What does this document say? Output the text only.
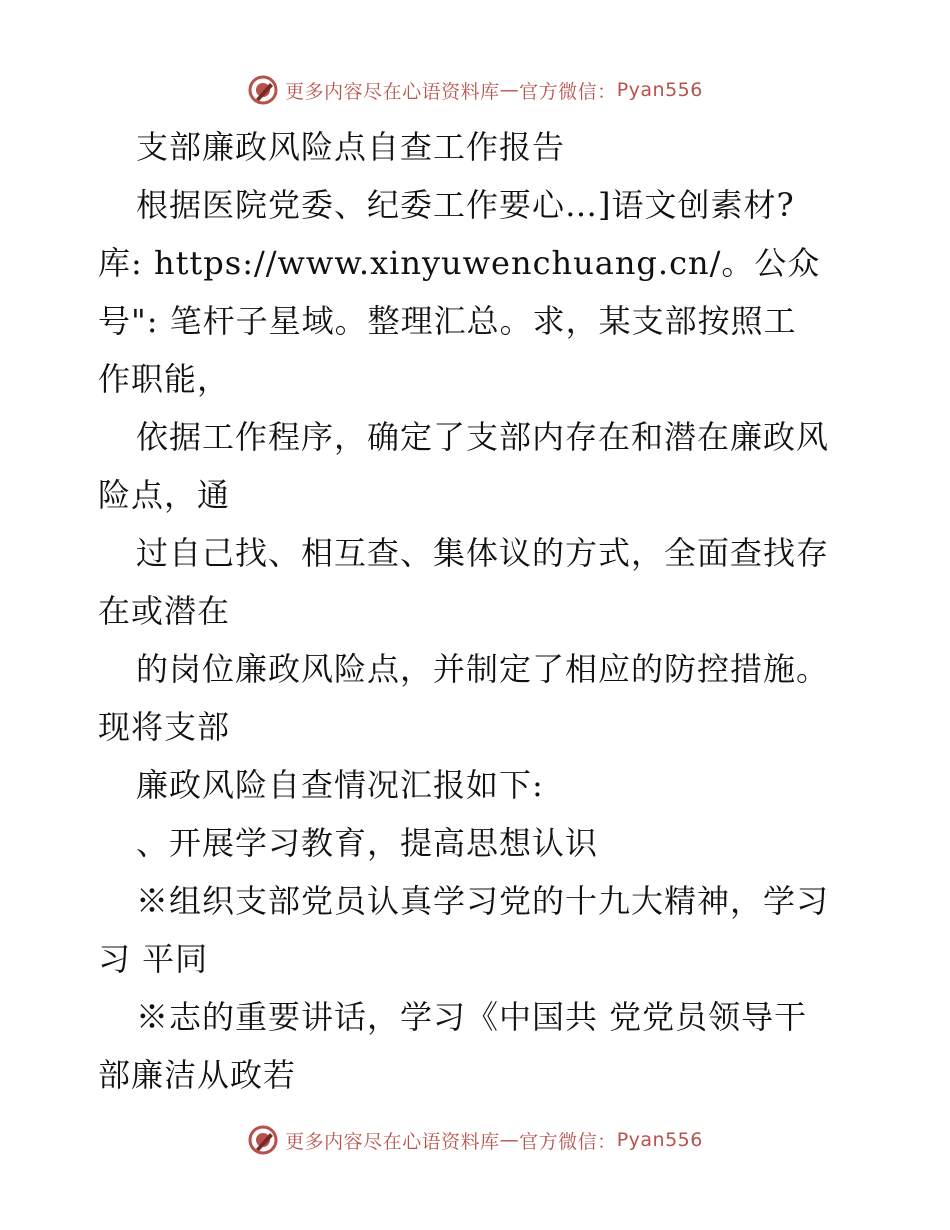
更多内容尽在心语资料库 — 官方微信： Pyan556
支部廉政风险点自查工作报告
根据医院党委、纪委工作要心…]语文创素材?
库: https://www.xinyuwenchuang.cn/。公众
号": 笔杆子星域。整理汇总。求，某支部按照工
作职能，
依据工作程序，确定了支部内存在和潜在廉政风
险点，通
过自己找、相互查、集体议的方式，全面查找存
在或潜在
的岗位廉政风险点，并制定了相应的防控措施。
现将支部
廉政风险自查情况汇报如下:
、开展学习教育，提高思想认识
※组织支部党员认真学习党的十九大精神，学习
习 平同
※志的重要讲话，学习《中国共 党党员领导干
部廉洁从政若
更多内容尽在心语资料库 — 官方微信： Pyan556
